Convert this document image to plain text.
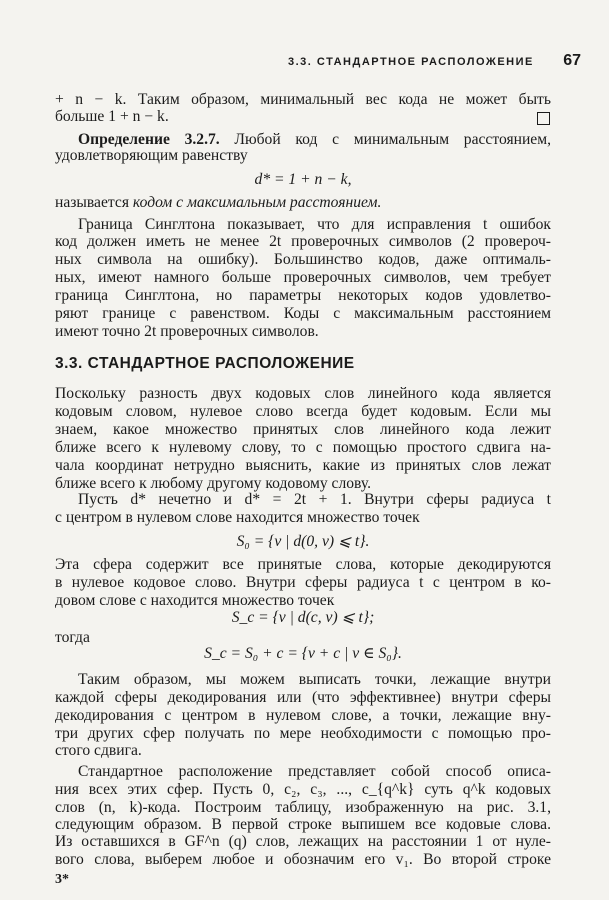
3.3. СТАНДАРТНОЕ РАСПОЛОЖЕНИЕ 67
+ n − k. Таким образом, минимальный вес кода не может быть
больше 1 + n − k.
Определение 3.2.7. Любой код с минимальным расстоянием,
удовлетворяющим равенству
d* = 1 + n − k,
называется кодом с максимальным расстоянием.
Граница Синглтона показывает, что для исправления t ошибок
код должен иметь не менее 2t проверочных символов (2 провероч-
ных символа на ошибку). Большинство кодов, даже оптималь-
ных, имеют намного больше проверочных символов, чем требует
граница Синглтона, но параметры некоторых кодов удовлетво-
ряют границе с равенством. Коды с максимальным расстоянием
имеют точно 2t проверочных символов.
3.3. СТАНДАРТНОЕ РАСПОЛОЖЕНИЕ
Поскольку разность двух кодовых слов линейного кода является
кодовым словом, нулевое слово всегда будет кодовым. Если мы
знаем, какое множество принятых слов линейного кода лежит
ближе всего к нулевому слову, то с помощью простого сдвига на-
чала координат нетрудно выяснить, какие из принятых слов лежат
ближе всего к любому другому кодовому слову.
Пусть d* нечетно и d* = 2t + 1. Внутри сферы радиуса t
с центром в нулевом слове находится множество точек
S₀ = {v | d(0, v) ⩽ t}.
Эта сфера содержит все принятые слова, которые декодируются
в нулевое кодовое слово. Внутри сферы радиуса t с центром в ко-
довом слове c находится множество точек
S_c = {v | d(c, v) ⩽ t};
тогда
S_c = S₀ + c = {v + c | v ∈ S₀}.
Таким образом, мы можем выписать точки, лежащие внутри
каждой сферы декодирования или (что эффективнее) внутри сферы
декодирования с центром в нулевом слове, а точки, лежащие вну-
три других сфер получать по мере необходимости с помощью про-
стого сдвига.
Стандартное расположение представляет собой способ описа-
ния всех этих сфер. Пусть 0, c₂, c₃, ..., c_{q^k} суть q^k кодовых
слов (n, k)-кода. Построим таблицу, изображенную на рис. 3.1,
следующим образом. В первой строке выпишем все кодовые слова.
Из оставшихся в GF^n (q) слов, лежащих на расстоянии 1 от нуле-
вого слова, выберем любое и обозначим его v₁. Во второй строке
3*
